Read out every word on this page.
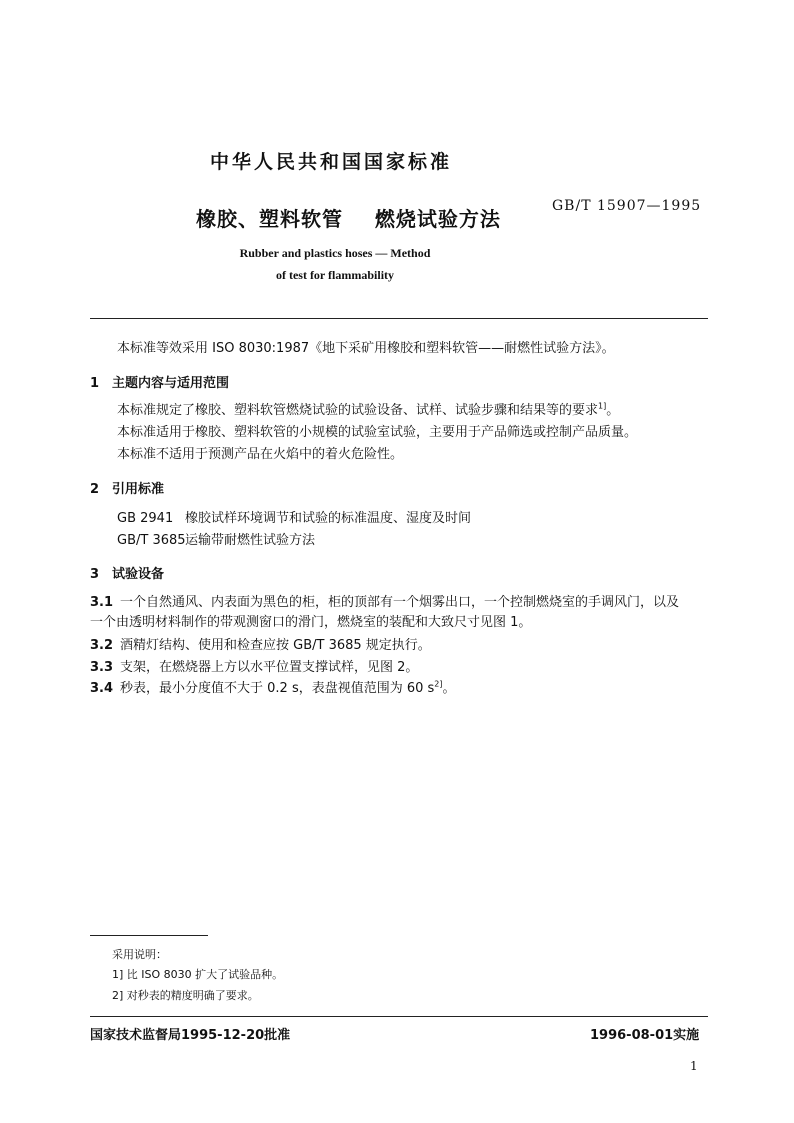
中华人民共和国国家标准
GB/T 15907—1995
橡胶、塑料软管    燃烧试验方法
Rubber and plastics hoses — Method
of test for flammability
本标准等效采用 ISO 8030:1987《地下采矿用橡胶和塑料软管——耐燃性试验方法》。
1 主题内容与适用范围
本标准规定了橡胶、塑料软管燃烧试验的试验设备、试样、试验步骤和结果等的要求$^{1]}$。
本标准适用于橡胶、塑料软管的小规模的试验室试验，主要用于产品筛选或控制产品质量。
本标准不适用于预测产品在火焰中的着火危险性。
2 引用标准
GB 2941 橡胶试样环境调节和试验的标准温度、湿度及时间
GB/T 3685运输带耐燃性试验方法
3 试验设备
3.1 一个自然通风、内表面为黑色的柜，柜的顶部有一个烟雾出口，一个控制燃烧室的手调风门，以及
一个由透明材料制作的带观测窗口的滑门，燃烧室的装配和大致尺寸见图 1。
3.2 酒精灯结构、使用和检查应按 GB/T 3685 规定执行。
3.3 支架，在燃烧器上方以水平位置支撑试样，见图 2。
3.4 秒表，最小分度值不大于 0.2 s，表盘视值范围为 60 $s^{2]}$。
采用说明：
1] 比 ISO 8030 扩大了试验品种。
2] 对秒表的精度明确了要求。
国家技术监督局1995-12-20批准	1996-08-01实施
1
